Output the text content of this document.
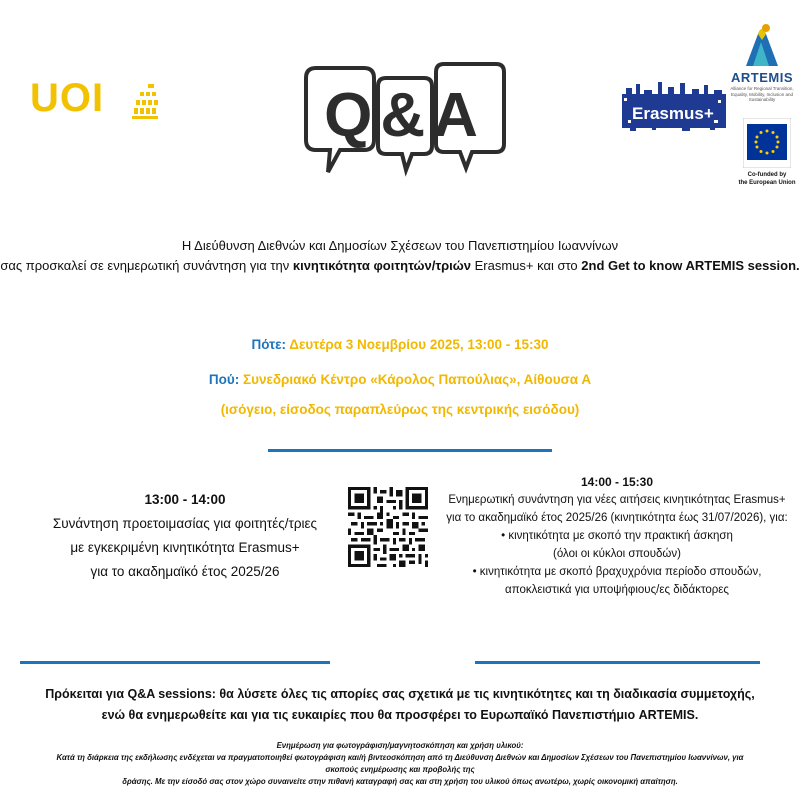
UOI	Q&A	Erasmus+
ARTEMIS
Alliance for Regional Transition, Equality, Mobility, Inclusion and Sustainability
Co-funded by
the European Union
Η Διεύθυνση Διεθνών και Δημοσίων Σχέσεων του Πανεπιστημίου Ιωαννίνων
σας προσκαλεί σε ενημερωτική συνάντηση για την κινητικότητα φοιτητών/τριών Erasmus+ και στο 2nd Get to know ARTEMIS session.
Πότε: Δευτέρα 3 Νοεμβρίου 2025, 13:00 - 15:30
Πού: Συνεδριακό Κέντρο «Κάρολος Παπούλιας», Αίθουσα Α
(ισόγειο, είσοδος παραπλεύρως της κεντρικής εισόδου)
13:00 - 14:00
Συνάντηση προετοιμασίας για φοιτητές/τριες
με εγκεκριμένη κινητικότητα Erasmus+
για το ακαδημαϊκό έτος 2025/26
14:00 - 15:30
Ενημερωτική συνάντηση για νέες αιτήσεις κινητικότητας Erasmus+
για το ακαδημαϊκό έτος 2025/26 (κινητικότητα έως 31/07/2026), για:
• κινητικότητα με σκοπό την πρακτική άσκηση
(όλοι οι κύκλοι σπουδών)
• κινητικότητα με σκοπό βραχυχρόνια περίοδο σπουδών,
αποκλειστικά για υποψήφιους/ες διδάκτορες
Πρόκειται για Q&A sessions: θα λύσετε όλες τις απορίες σας σχετικά με τις κινητικότητες και τη διαδικασία συμμετοχής,
ενώ θα ενημερωθείτε και για τις ευκαιρίες που θα προσφέρει το Ευρωπαϊκό Πανεπιστήμιο ARTEMIS.
Ενημέρωση για φωτογράφιση/μαγνητοσκόπηση και χρήση υλικού:
Κατά τη διάρκεια της εκδήλωσης ενδέχεται να πραγματοποιηθεί φωτογράφιση και/ή βιντεοσκόπηση από τη Διεύθυνση Διεθνών και Δημοσίων Σχέσεων του Πανεπιστημίου Ιωαννίνων, για σκοπούς ενημέρωσης και προβολής της
δράσης. Με την είσοδό σας στον χώρο συναινείτε στην πιθανή καταγραφή σας και στη χρήση του υλικού όπως ανωτέρω, χωρίς οικονομική απαίτηση.
